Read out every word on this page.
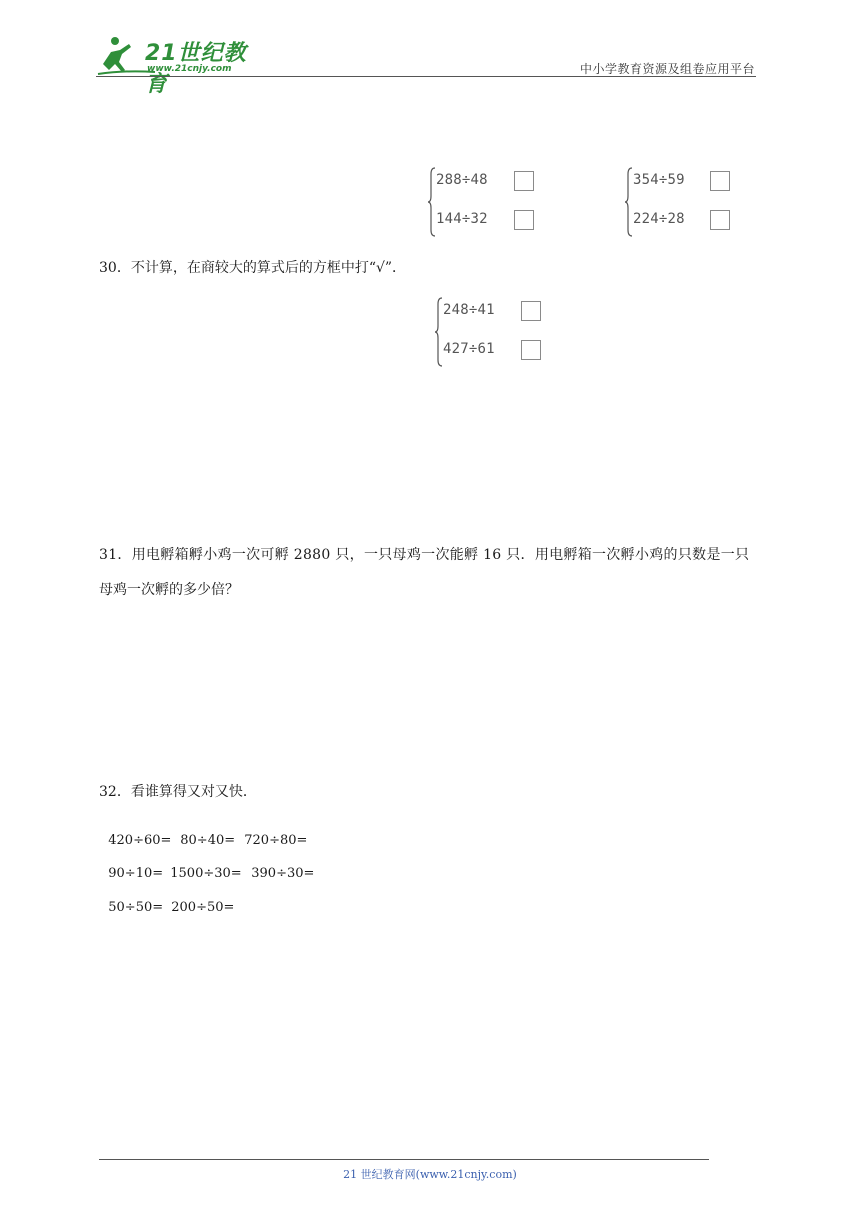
21世纪教育
www.21cnjy.com	中小学教育资源及组卷应用平台
288÷48
144÷32
354÷59
224÷28
30．不计算，在商较大的算式后的方框中打“√”．
248÷41
427÷61
31．用电孵箱孵小鸡一次可孵 2880 只，一只母鸡一次能孵 16 只．用电孵箱一次孵小鸡的只数是一只
母鸡一次孵的多少倍？
32．看谁算得又对又快．

420÷60= 80÷40= 720÷80=

90÷10= 1500÷30= 390÷30=

50÷50= 200÷50=

21 世纪教育网(www.21cnjy.com)
